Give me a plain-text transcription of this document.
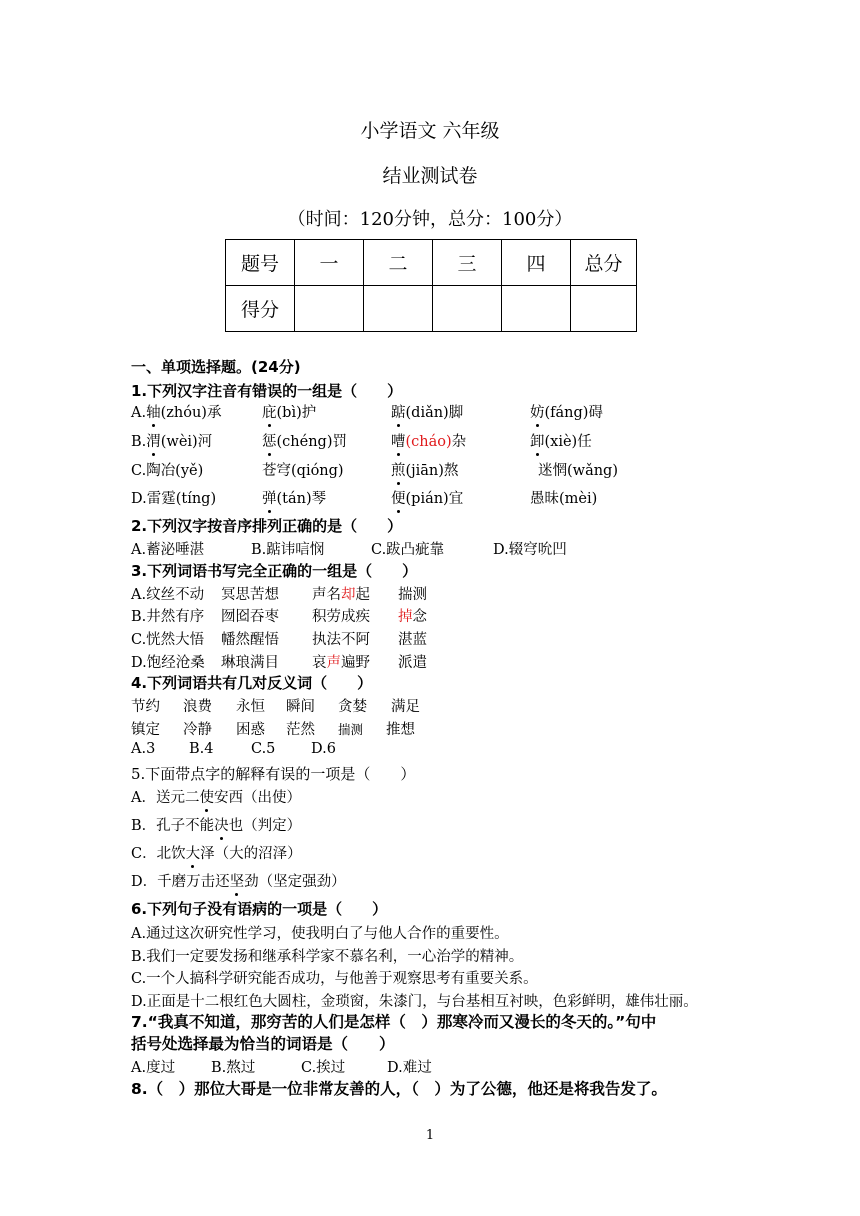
小学语文 六年级
结业测试卷
（时间：120分钟，总分：100分）
题号	一	二	三	四	总分
得分					
一、单项选择题。(24分)
1.下列汉字注音有错误的一组是（　　）
A.轴(zhóu)承	庇(bì)护	踮(diǎn)脚	妨(fáng)碍
B.渭(wèi)河	惩(chéng)罚	嘈(cháo)杂	卸(xiè)任
C.陶冶(yě)	苍穹(qióng)	煎(jiān)熬	迷惘(wǎng)
D.雷霆(tíng)	弹(tán)琴	便(pián)宜	愚昧(mèi)
2.下列汉字按音序排列正确的是（　　）
A.蓄泌唾湛	B.踮讳唁悯	C.跋凸疵靠	D.辍穹吮凹
3.下列词语书写完全正确的一组是（　　）
A.纹丝不动 冥思苦想 声名却起 揣测
B.井然有序 囫囵吞枣 积劳成疾 掉念
C.恍然大悟 幡然醒悟 执法不阿 湛蓝
D.饱经沧桑 琳琅满目 哀声遍野 派遣
4.下列词语共有几对反义词（　　）
节约 浪费 永恒 瞬间 贪婪 满足
镇定 冷静 困惑 茫然 揣测 推想
A.3 B.4	C.5 D.6
5.下面带点字的解释有误的一项是（　　）
A．送元二使安西（出使）
B．孔子不能决也（判定）
C．北饮大泽（大的沼泽）
D．千磨万击还坚劲（坚定强劲）
6.下列句子没有语病的一项是（　　）
A.通过这次研究性学习，使我明白了与他人合作的重要性。
B.我们一定要发扬和继承科学家不慕名利，一心治学的精神。
C.一个人搞科学研究能否成功，与他善于观察思考有重要关系。
D.正面是十二根红色大圆柱，金琐窗，朱漆门，与台基相互衬映，色彩鲜明，雄伟壮丽。
7.“我真不知道，那穷苦的人们是怎样（　）那寒冷而又漫长的冬天的。”句中
括号处选择最为恰当的词语是（　　）
A.度过 B.熬过	C.挨过	D.难过
8.（　）那位大哥是一位非常友善的人，（　）为了公德，他还是将我告发了。
1
